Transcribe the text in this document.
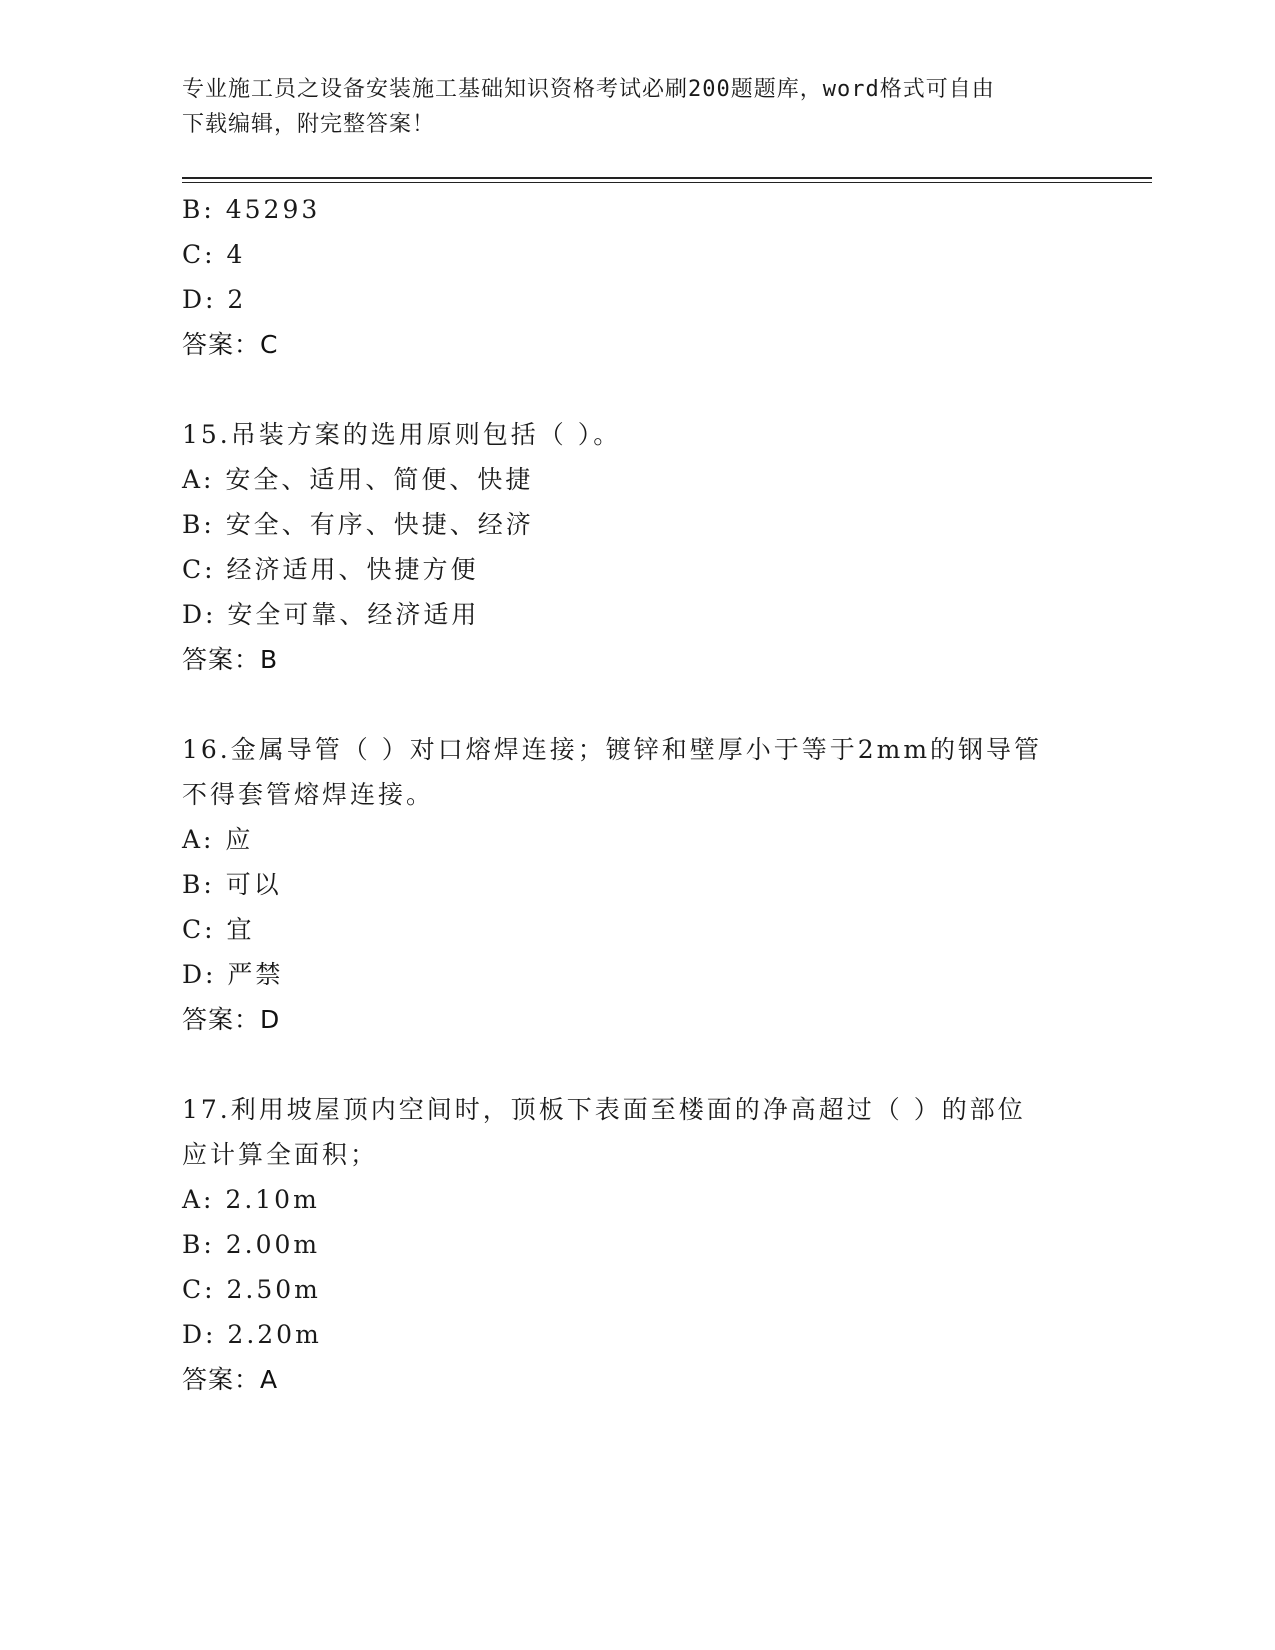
专业施工员之设备安装施工基础知识资格考试必刷200题题库，word格式可自由
下载编辑，附完整答案！
B: 45293
C: 4
D: 2
答案：C
15.吊装方案的选用原则包括（ ）。
A: 安全、适用、简便、快捷
B: 安全、有序、快捷、经济
C: 经济适用、快捷方便
D: 安全可靠、经济适用
答案：B
16.金属导管（ ）对口熔焊连接；镀锌和壁厚小于等于2mm的钢导管
不得套管熔焊连接。
A: 应
B: 可以
C: 宜
D: 严禁
答案：D
17.利用坡屋顶内空间时，顶板下表面至楼面的净高超过（ ）的部位
应计算全面积；
A: 2.10m
B: 2.00m
C: 2.50m
D: 2.20m
答案：A
